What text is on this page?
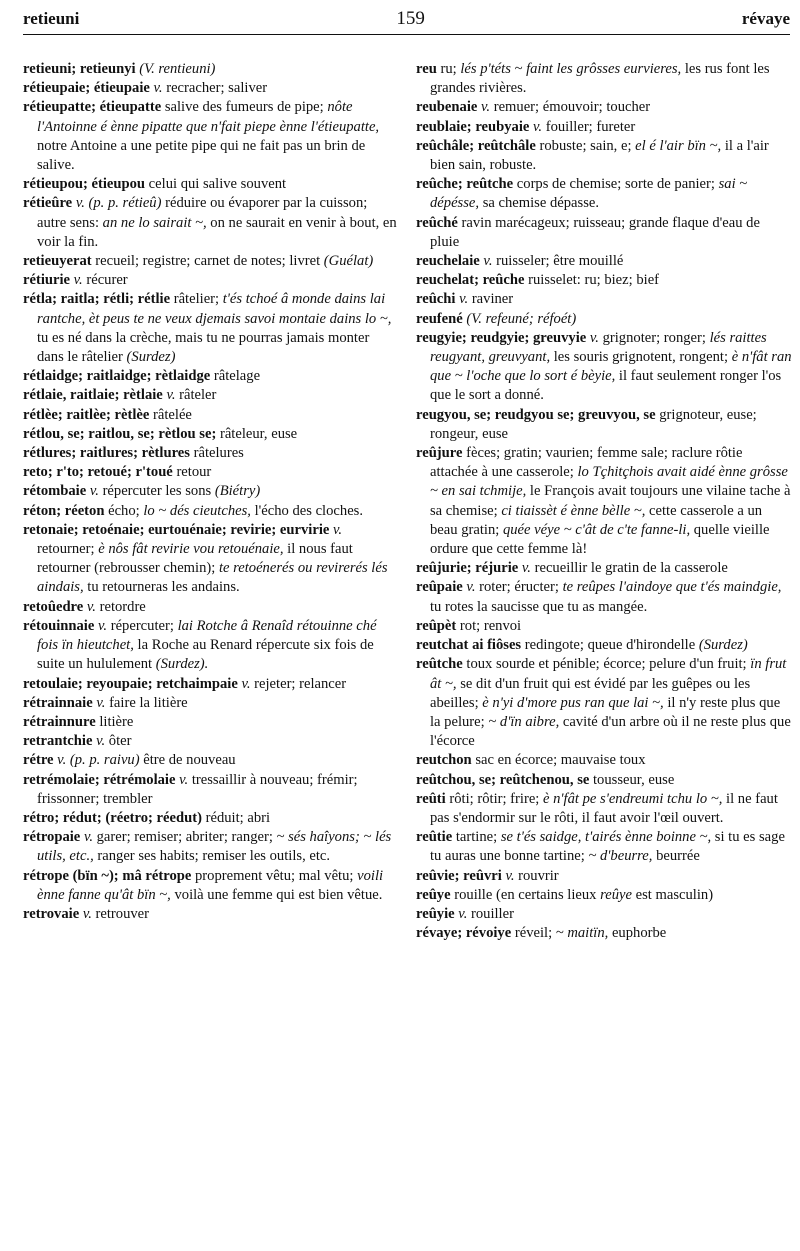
retieuni	159	révaye
retieuni; retieunyi (V. rentieuni)
rétieupaie; étieupaie v. recracher; saliver
rétieupatte; étieupatte salive des fumeurs de pipe; nôte l'Antoinne é ènne pipatte que n'fait piepe ènne l'étieupatte, notre Antoine a une petite pipe qui ne fait pas un brin de salive.
rétieupou; étieupou celui qui salive souvent
rétieûre v. (p. p. rétieû) réduire ou évaporer par la cuisson; autre sens: an ne lo sairait ~, on ne saurait en venir à bout, en voir la fin.
retieuyerat recueil; registre; carnet de notes; livret (Guélat)
rétiurie v. récurer
rétla; raitla; rétli; rétlie râtelier; t'és tchoé â monde dains lai rantche, èt peus te ne veux djemais savoi montaie dains lo ~, tu es né dans la crèche, mais tu ne pourras jamais monter dans le râtelier (Surdez)
rétlaidge; raitlaidge; rètlaidge râtelage
rétlaie, raitlaie; rètlaie v. râteler
rétlèe; raitlèe; rètlèe râtelée
rétlou, se; raitlou, se; rètlou se; râteleur, euse
rétlures; raitlures; rètlures râtelures
reto; r'to; retoué; r'toué retour
rétombaie v. répercuter les sons (Biétry)
réton; réeton écho; lo ~ dés cieutches, l'écho des cloches.
retonaie; retoénaie; eurtouénaie; revirie; eurvirie v. retourner; è nôs fât revirie vou retouénaie, il nous faut retourner (rebrousser chemin); te retoénerés ou revirerés lés aindais, tu retourneras les andains.
retoûedre v. retordre
rétouinnaie v. répercuter; lai Rotche â Renaîd rétouinne ché fois ïn hieutchet, la Roche au Renard répercute six fois de suite un hululement (Surdez).
retoulaie; reyoupaie; retchaimpaie v. rejeter; relancer
rétrainnaie v. faire la litière
rétrainnure litière
retrantchie v. ôter
rétre v. (p. p. raivu) être de nouveau
retrémolaie; rétrémolaie v. tressaillir à nouveau; frémir; frissonner; trembler
rétro; rédut; (réetro; réedut) réduit; abri
rétropaie v. garer; remiser; abriter; ranger; ~ sés haîyons; ~ lés utils, etc., ranger ses habits; remiser les outils, etc.
rétrope (bïn ~); mâ rétrope proprement vêtu; mal vêtu; voili ènne fanne qu'ât bïn ~, voilà une femme qui est bien vêtue.
retrovaie v. retrouver
reu ru; lés p'téts ~ faint les grôsses eurvieres, les rus font les grandes rivières.
reubenaie v. remuer; émouvoir; toucher
reublaie; reubyaie v. fouiller; fureter
reûchâle; reûtchâle robuste; sain, e; el é l'air bïn ~, il a l'air bien sain, robuste.
reûche; reûtche corps de chemise; sorte de panier; sai ~ dépésse, sa chemise dépasse.
reûché ravin marécageux; ruisseau; grande flaque d'eau de pluie
reuchelaie v. ruisseler; être mouillé
reuchelat; reûche ruisselet: ru; biez; bief
reûchi v. raviner
reufené (V. refeuné; réfoét)
reugyie; reudgyie; greuvyie v. grignoter; ronger; lés raittes reugyant, greuvyant, les souris grignotent, rongent; è n'fât ran que ~ l'oche que lo sort é bèyie, il faut seulement ronger l'os que le sort a donné.
reugyou, se; reudgyou se; greuvyou, se grignoteur, euse; rongeur, euse
reûjure fèces; gratin; vaurien; femme sale; raclure rôtie attachée à une casserole; lo Tçhitçhois avait aidé ènne grôsse ~ en sai tchmije, le François avait toujours une vilaine tache à sa chemise; ci tiaissèt é ènne bèlle ~, cette casserole a un beau gratin; quée véye ~ c'ât de c'te fanne-li, quelle vieille ordure que cette femme là!
reûjurie; réjurie v. recueillir le gratin de la casserole
reûpaie v. roter; éructer; te reûpes l'aindoye que t'és maindgie, tu rotes la saucisse que tu as mangée.
reûpèt rot; renvoi
reutchat ai fiôses redingote; queue d'hirondelle (Surdez)
reûtche toux sourde et pénible; écorce; pelure d'un fruit; ïn frut ât ~, se dit d'un fruit qui est évidé par les guêpes ou les abeilles; è n'yi d'more pus ran que lai ~, il n'y reste plus que la pelure; ~ d'ïn aibre, cavité d'un arbre où il ne reste plus que l'écorce
reutchon sac en écorce; mauvaise toux
reûtchou, se; reûtchenou, se tousseur, euse
reûti rôti; rôtir; frire; è n'fât pe s'endreumi tchu lo ~, il ne faut pas s'endormir sur le rôti, il faut avoir l'œil ouvert.
reûtie tartine; se t'és saidge, t'airés ènne boinne ~, si tu es sage tu auras une bonne tartine; ~ d'beurre, beurrée
reûvie; reûvri v. rouvrir
reûye rouille (en certains lieux reûye est masculin)
reûyie v. rouiller
révaye; révoiye réveil; ~ maitïn, euphorbe
